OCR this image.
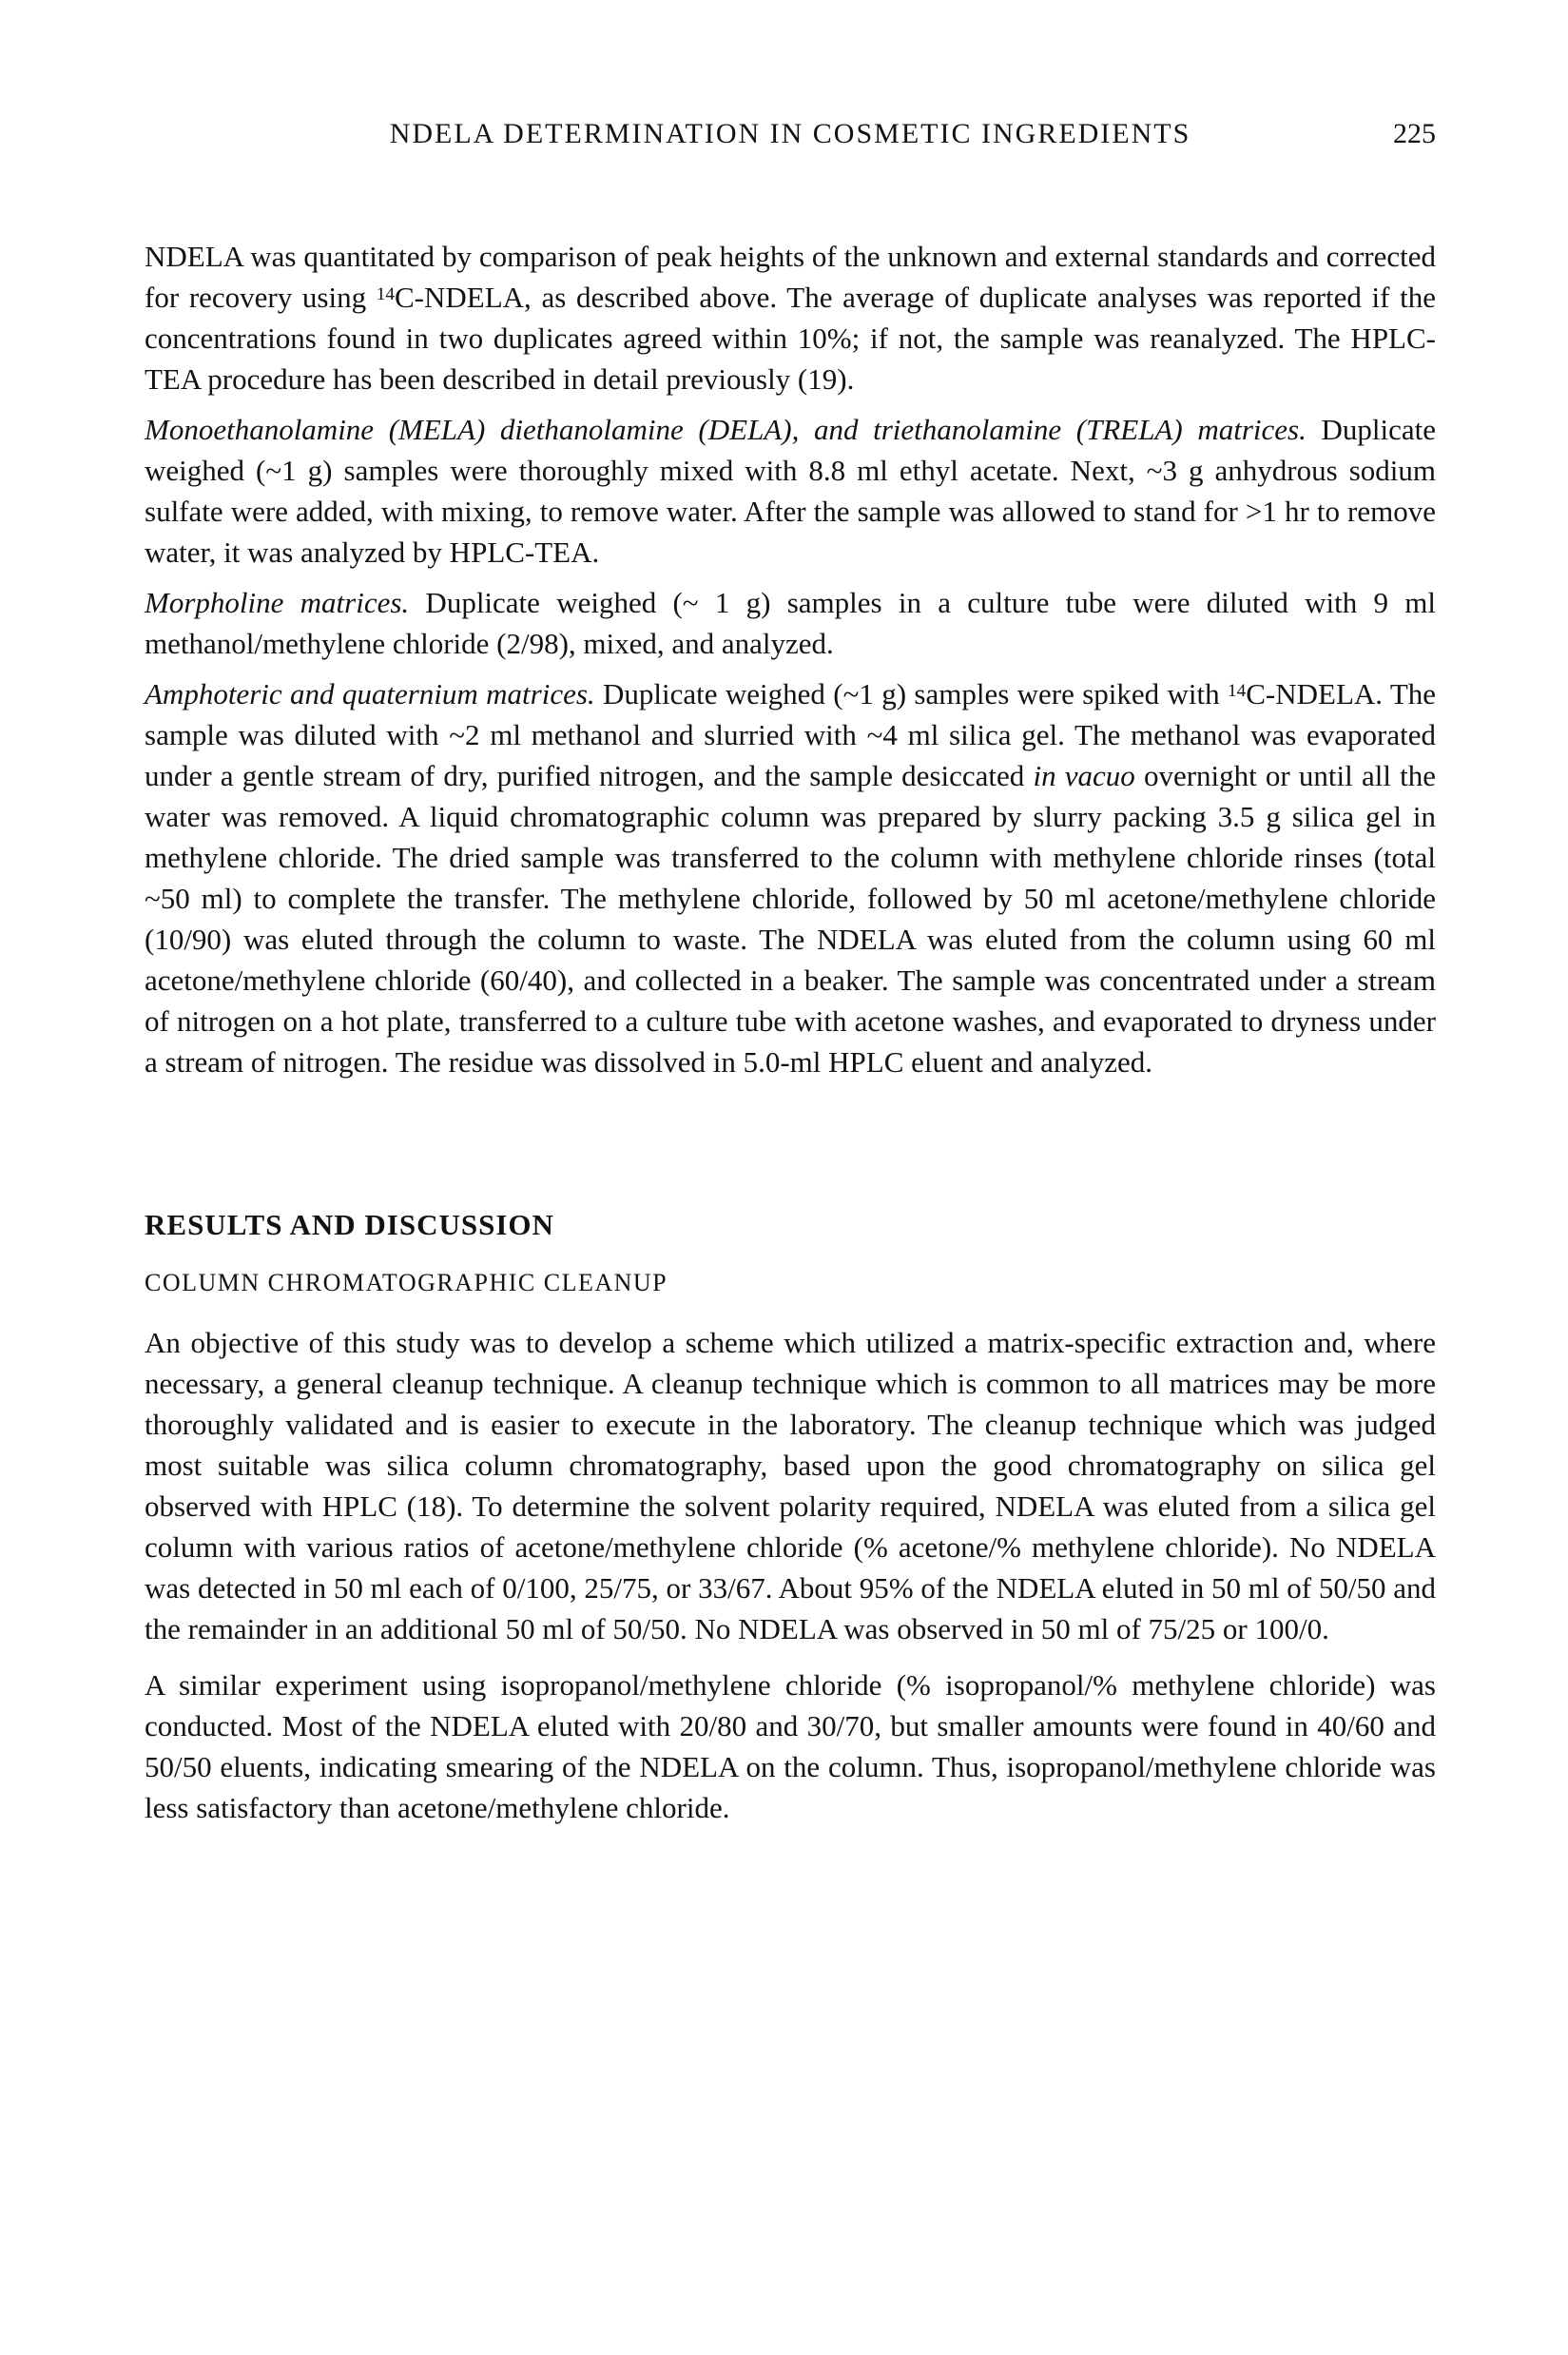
NDELA DETERMINATION IN COSMETIC INGREDIENTS	225

NDELA was quantitated by comparison of peak heights of the unknown and external standards and corrected for recovery using $^{14}$C-NDELA, as described above. The average of duplicate analyses was reported if the concentrations found in two duplicates agreed within 10%; if not, the sample was reanalyzed. The HPLC-TEA procedure has been described in detail previously (19).

Monoethanolamine (MELA) diethanolamine (DELA), and triethanolamine (TRELA) matrices. Duplicate weighed (~1 g) samples were thoroughly mixed with 8.8 ml ethyl acetate. Next, ~3 g anhydrous sodium sulfate were added, with mixing, to remove water. After the sample was allowed to stand for >1 hr to remove water, it was analyzed by HPLC-TEA.

Morpholine matrices. Duplicate weighed (~ 1 g) samples in a culture tube were diluted with 9 ml methanol/methylene chloride (2/98), mixed, and analyzed.

Amphoteric and quaternium matrices. Duplicate weighed (~1 g) samples were spiked with $^{14}$C-NDELA. The sample was diluted with ~2 ml methanol and slurried with ~4 ml silica gel. The methanol was evaporated under a gentle stream of dry, purified nitrogen, and the sample desiccated in vacuo overnight or until all the water was removed. A liquid chromatographic column was prepared by slurry packing 3.5 g silica gel in methylene chloride. The dried sample was transferred to the column with methylene chloride rinses (total ~50 ml) to complete the transfer. The methylene chloride, followed by 50 ml acetone/methylene chloride (10/90) was eluted through the column to waste. The NDELA was eluted from the column using 60 ml acetone/methylene chloride (60/40), and collected in a beaker. The sample was concentrated under a stream of nitrogen on a hot plate, transferred to a culture tube with acetone washes, and evaporated to dryness under a stream of nitrogen. The residue was dissolved in 5.0-ml HPLC eluent and analyzed.

RESULTS AND DISCUSSION
COLUMN CHROMATOGRAPHIC CLEANUP

An objective of this study was to develop a scheme which utilized a matrix-specific extraction and, where necessary, a general cleanup technique. A cleanup technique which is common to all matrices may be more thoroughly validated and is easier to execute in the laboratory. The cleanup technique which was judged most suitable was silica column chromatography, based upon the good chromatography on silica gel observed with HPLC (18). To determine the solvent polarity required, NDELA was eluted from a silica gel column with various ratios of acetone/methylene chloride (% acetone/% methylene chloride). No NDELA was detected in 50 ml each of 0/100, 25/75, or 33/67. About 95% of the NDELA eluted in 50 ml of 50/50 and the remainder in an additional 50 ml of 50/50. No NDELA was observed in 50 ml of 75/25 or 100/0.

A similar experiment using isopropanol/methylene chloride (% isopropanol/% methylene chloride) was conducted. Most of the NDELA eluted with 20/80 and 30/70, but smaller amounts were found in 40/60 and 50/50 eluents, indicating smearing of the NDELA on the column. Thus, isopropanol/methylene chloride was less satisfactory than acetone/methylene chloride.
